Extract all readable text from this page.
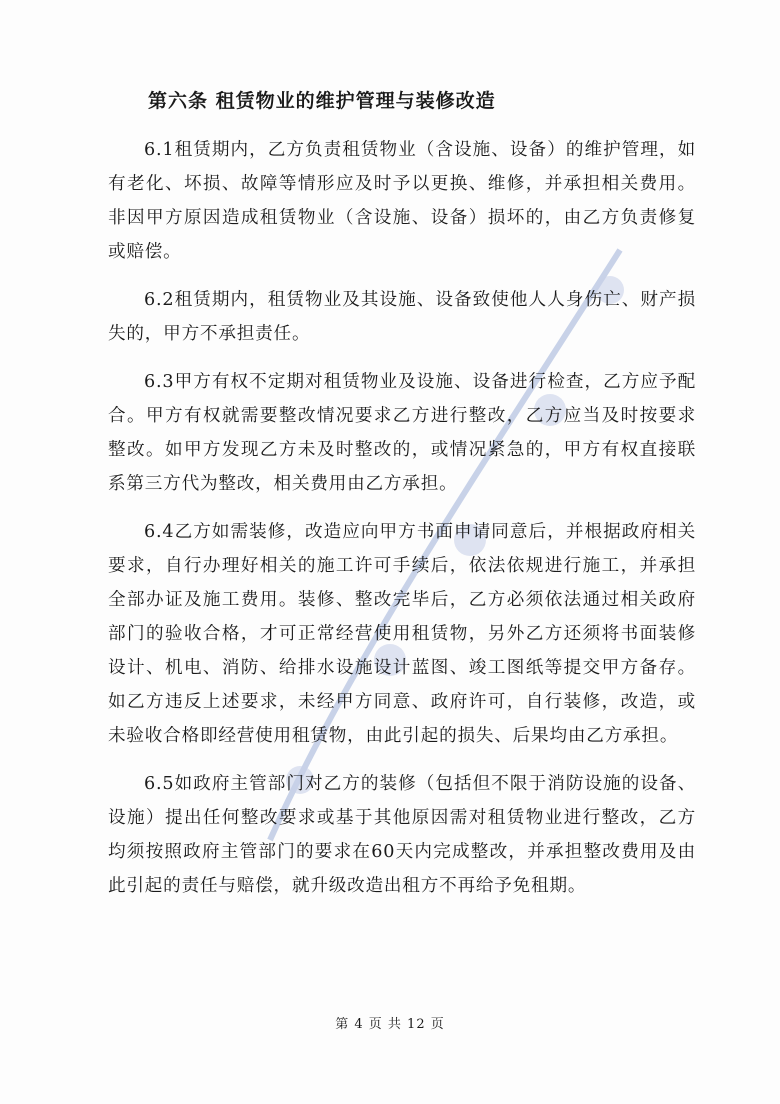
第六条 租赁物业的维护管理与装修改造

6.1租赁期内，乙方负责租赁物业（含设施、设备）的维护管理，如有老化、坏损、故障等情形应及时予以更换、维修，并承担相关费用。非因甲方原因造成租赁物业（含设施、设备）损坏的，由乙方负责修复或赔偿。

6.2租赁期内，租赁物业及其设施、设备致使他人人身伤亡、财产损失的，甲方不承担责任。

6.3甲方有权不定期对租赁物业及设施、设备进行检查，乙方应予配合。甲方有权就需要整改情况要求乙方进行整改，乙方应当及时按要求整改。如甲方发现乙方未及时整改的，或情况紧急的，甲方有权直接联系第三方代为整改，相关费用由乙方承担。

6.4乙方如需装修，改造应向甲方书面申请同意后，并根据政府相关要求，自行办理好相关的施工许可手续后，依法依规进行施工，并承担全部办证及施工费用。装修、整改完毕后，乙方必须依法通过相关政府部门的验收合格，才可正常经营使用租赁物，另外乙方还须将书面装修设计、机电、消防、给排水设施设计蓝图、竣工图纸等提交甲方备存。如乙方违反上述要求，未经甲方同意、政府许可，自行装修，改造，或未验收合格即经营使用租赁物，由此引起的损失、后果均由乙方承担。

6.5如政府主管部门对乙方的装修（包括但不限于消防设施的设备、设施）提出任何整改要求或基于其他原因需对租赁物业进行整改，乙方均须按照政府主管部门的要求在60天内完成整改，并承担整改费用及由此引起的责任与赔偿，就升级改造出租方不再给予免租期。

第 4 页 共 12 页
